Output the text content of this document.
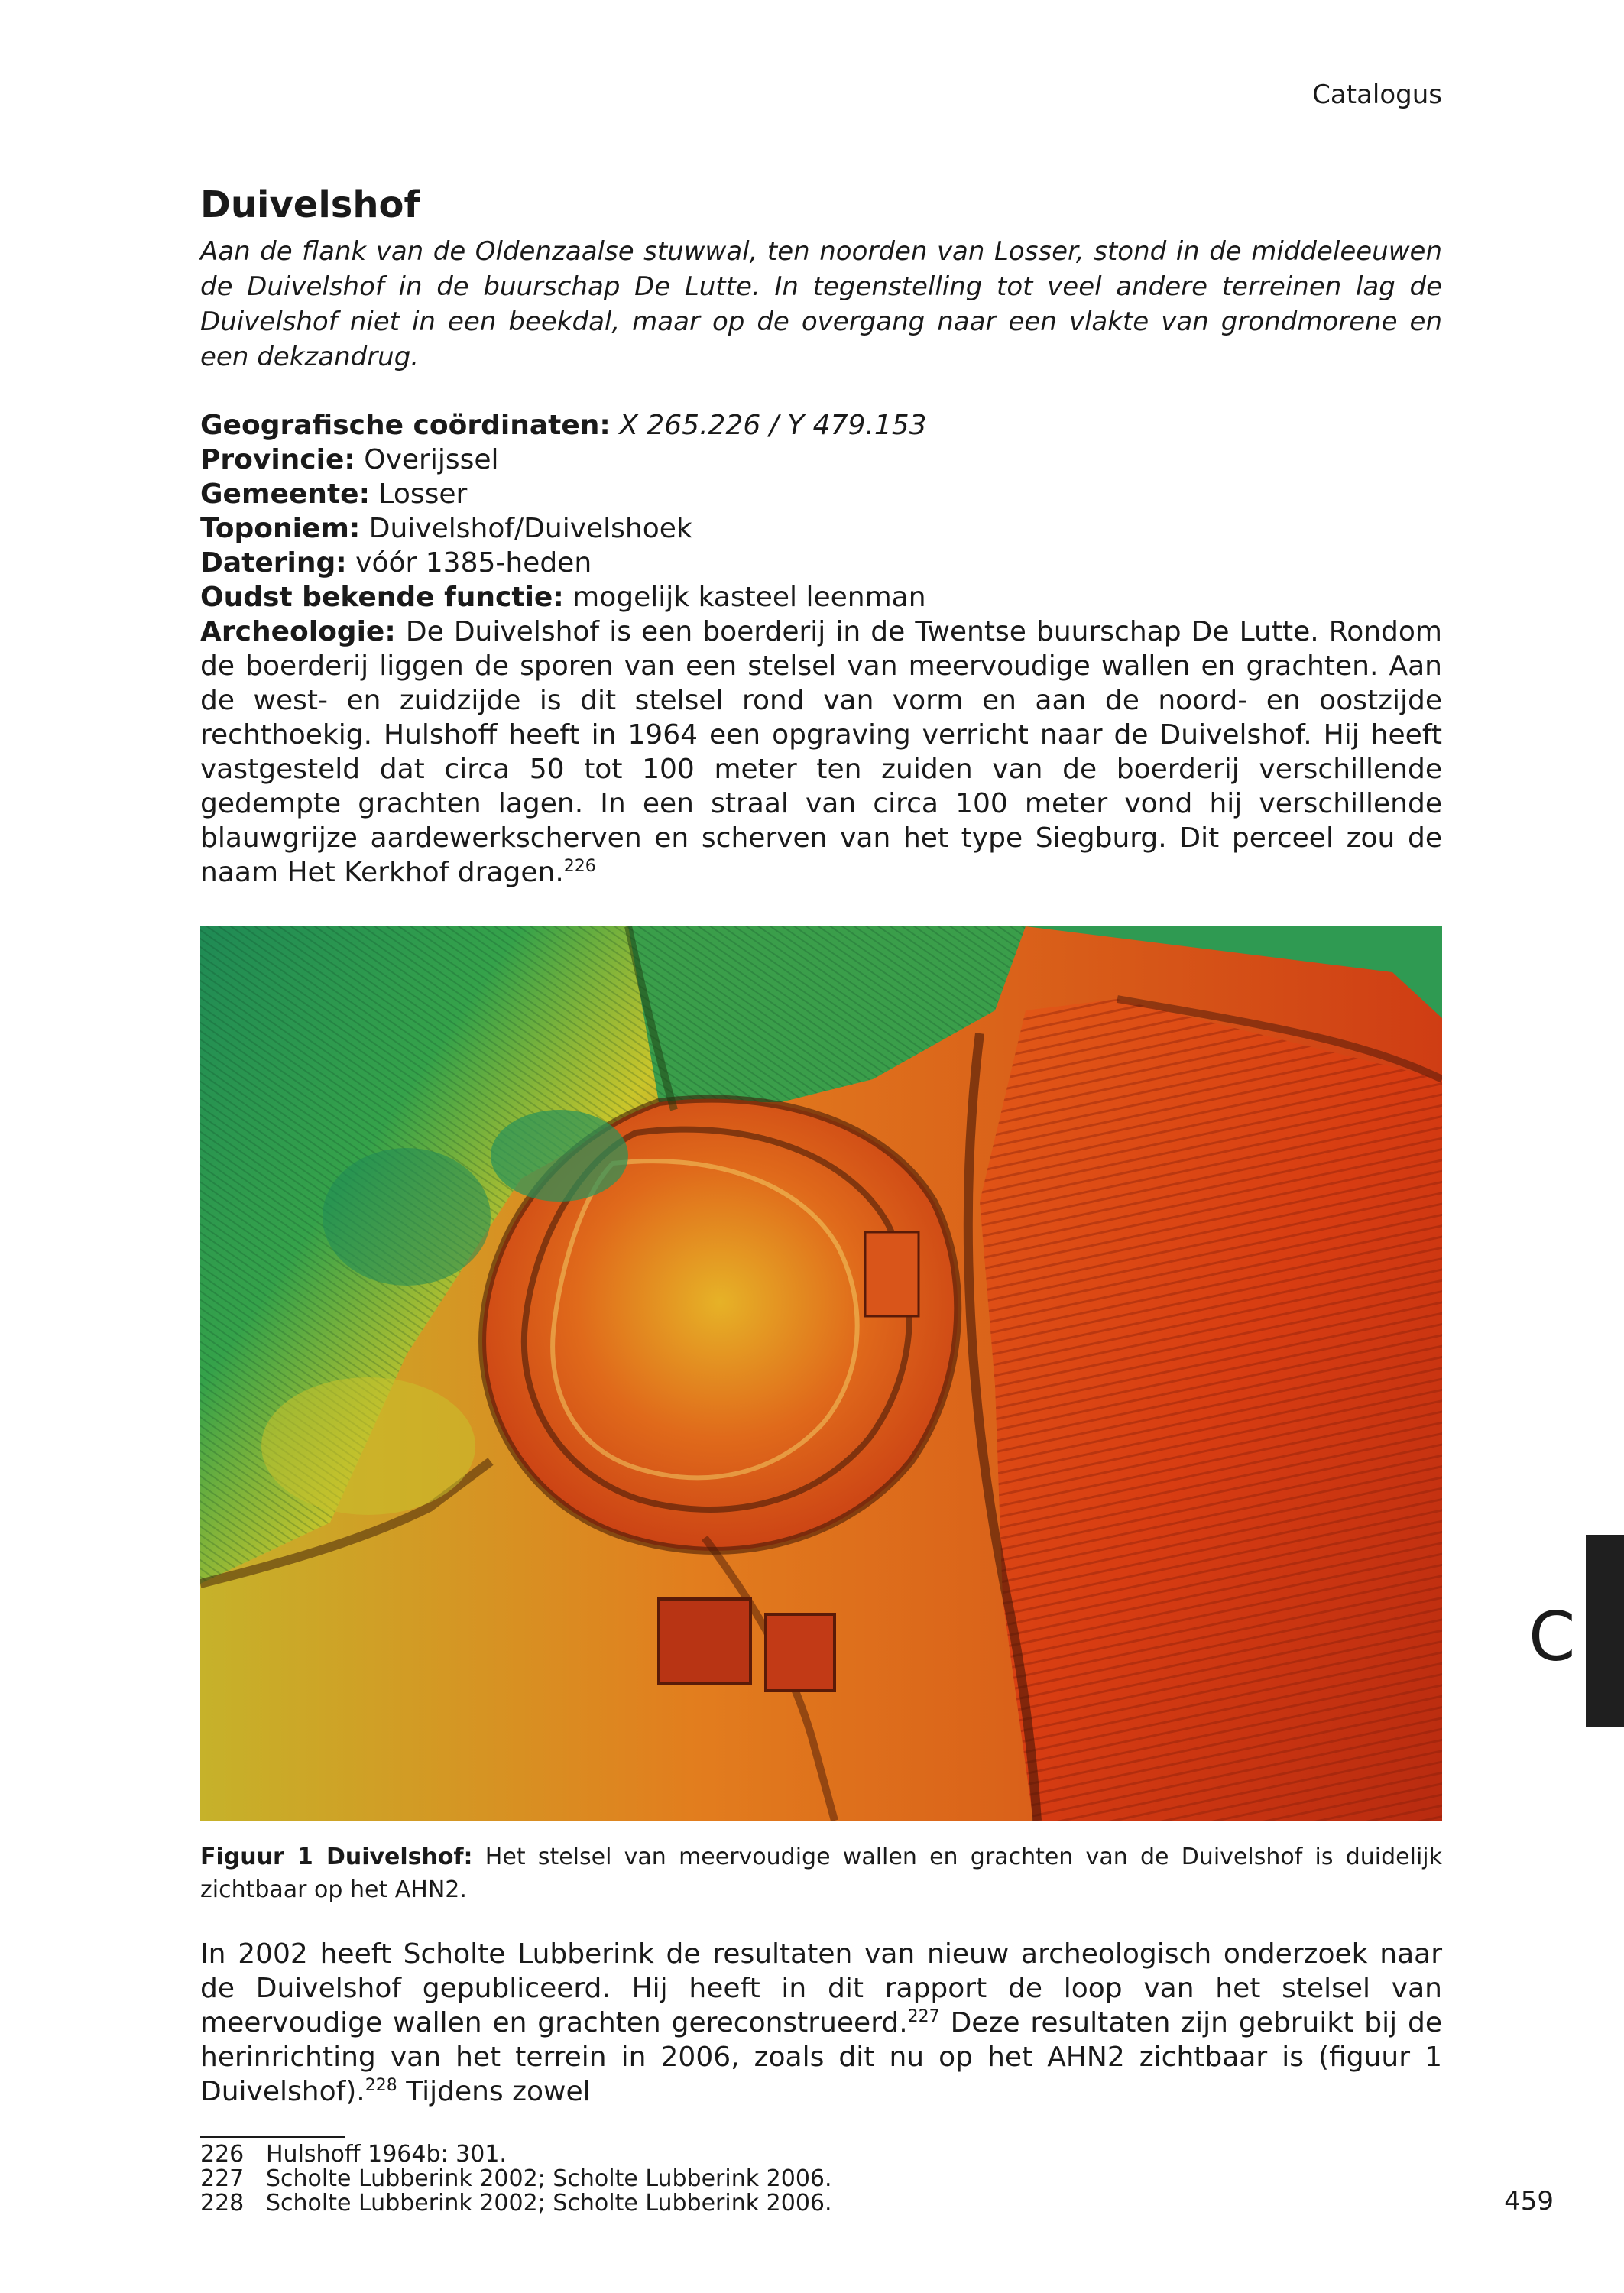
Catalogus
Duivelshof

Aan de flank van de Oldenzaalse stuwwal, ten noorden van Losser, stond in de middeleeuwen de Duivelshof in de buurschap De Lutte. In tegenstelling tot veel andere terreinen lag de Duivelshof niet in een beekdal, maar op de overgang naar een vlakte van grondmorene en een dekzandrug.

Geografische coördinaten: X 265.226 / Y 479.153

Provincie: Overijssel

Gemeente: Losser

Toponiem: Duivelshof/Duivelshoek

Datering: vóór 1385-heden

Oudst bekende functie: mogelijk kasteel leenman

Archeologie: De Duivelshof is een boerderij in de Twentse buurschap De Lutte. Rondom de boerderij liggen de sporen van een stelsel van meervoudige wallen en grachten. Aan de west- en zuidzijde is dit stelsel rond van vorm en aan de noord- en oostzijde rechthoekig. Hulshoff heeft in 1964 een opgraving verricht naar de Duivelshof. Hij heeft vastgesteld dat circa 50 tot 100 meter ten zuiden van de boerderij verschillende gedempte grachten lagen. In een straal van circa 100 meter vond hij verschillende blauwgrijze aardewerkscherven en scherven van het type Siegburg. Dit perceel zou de naam Het Kerkhof dragen.$^{226}$

Figuur 1 Duivelshof: Het stelsel van meervoudige wallen en grachten van de Duivelshof is duidelijk zichtbaar op het AHN2.

In 2002 heeft Scholte Lubberink de resultaten van nieuw archeologisch onderzoek naar de Duivelshof gepubliceerd. Hij heeft in dit rapport de loop van het stelsel van meervoudige wallen en grachten gereconstrueerd.$^{227}$ Deze resultaten zijn gebruikt bij de herinrichting van het terrein in 2006, zoals dit nu op het AHN2 zichtbaar is (figuur 1 Duivelshof).$^{228}$ Tijdens zowel

226 Hulshoff 1964b: 301.

227 Scholte Lubberink 2002; Scholte Lubberink 2006.

228 Scholte Lubberink 2002; Scholte Lubberink 2006.

C
459
